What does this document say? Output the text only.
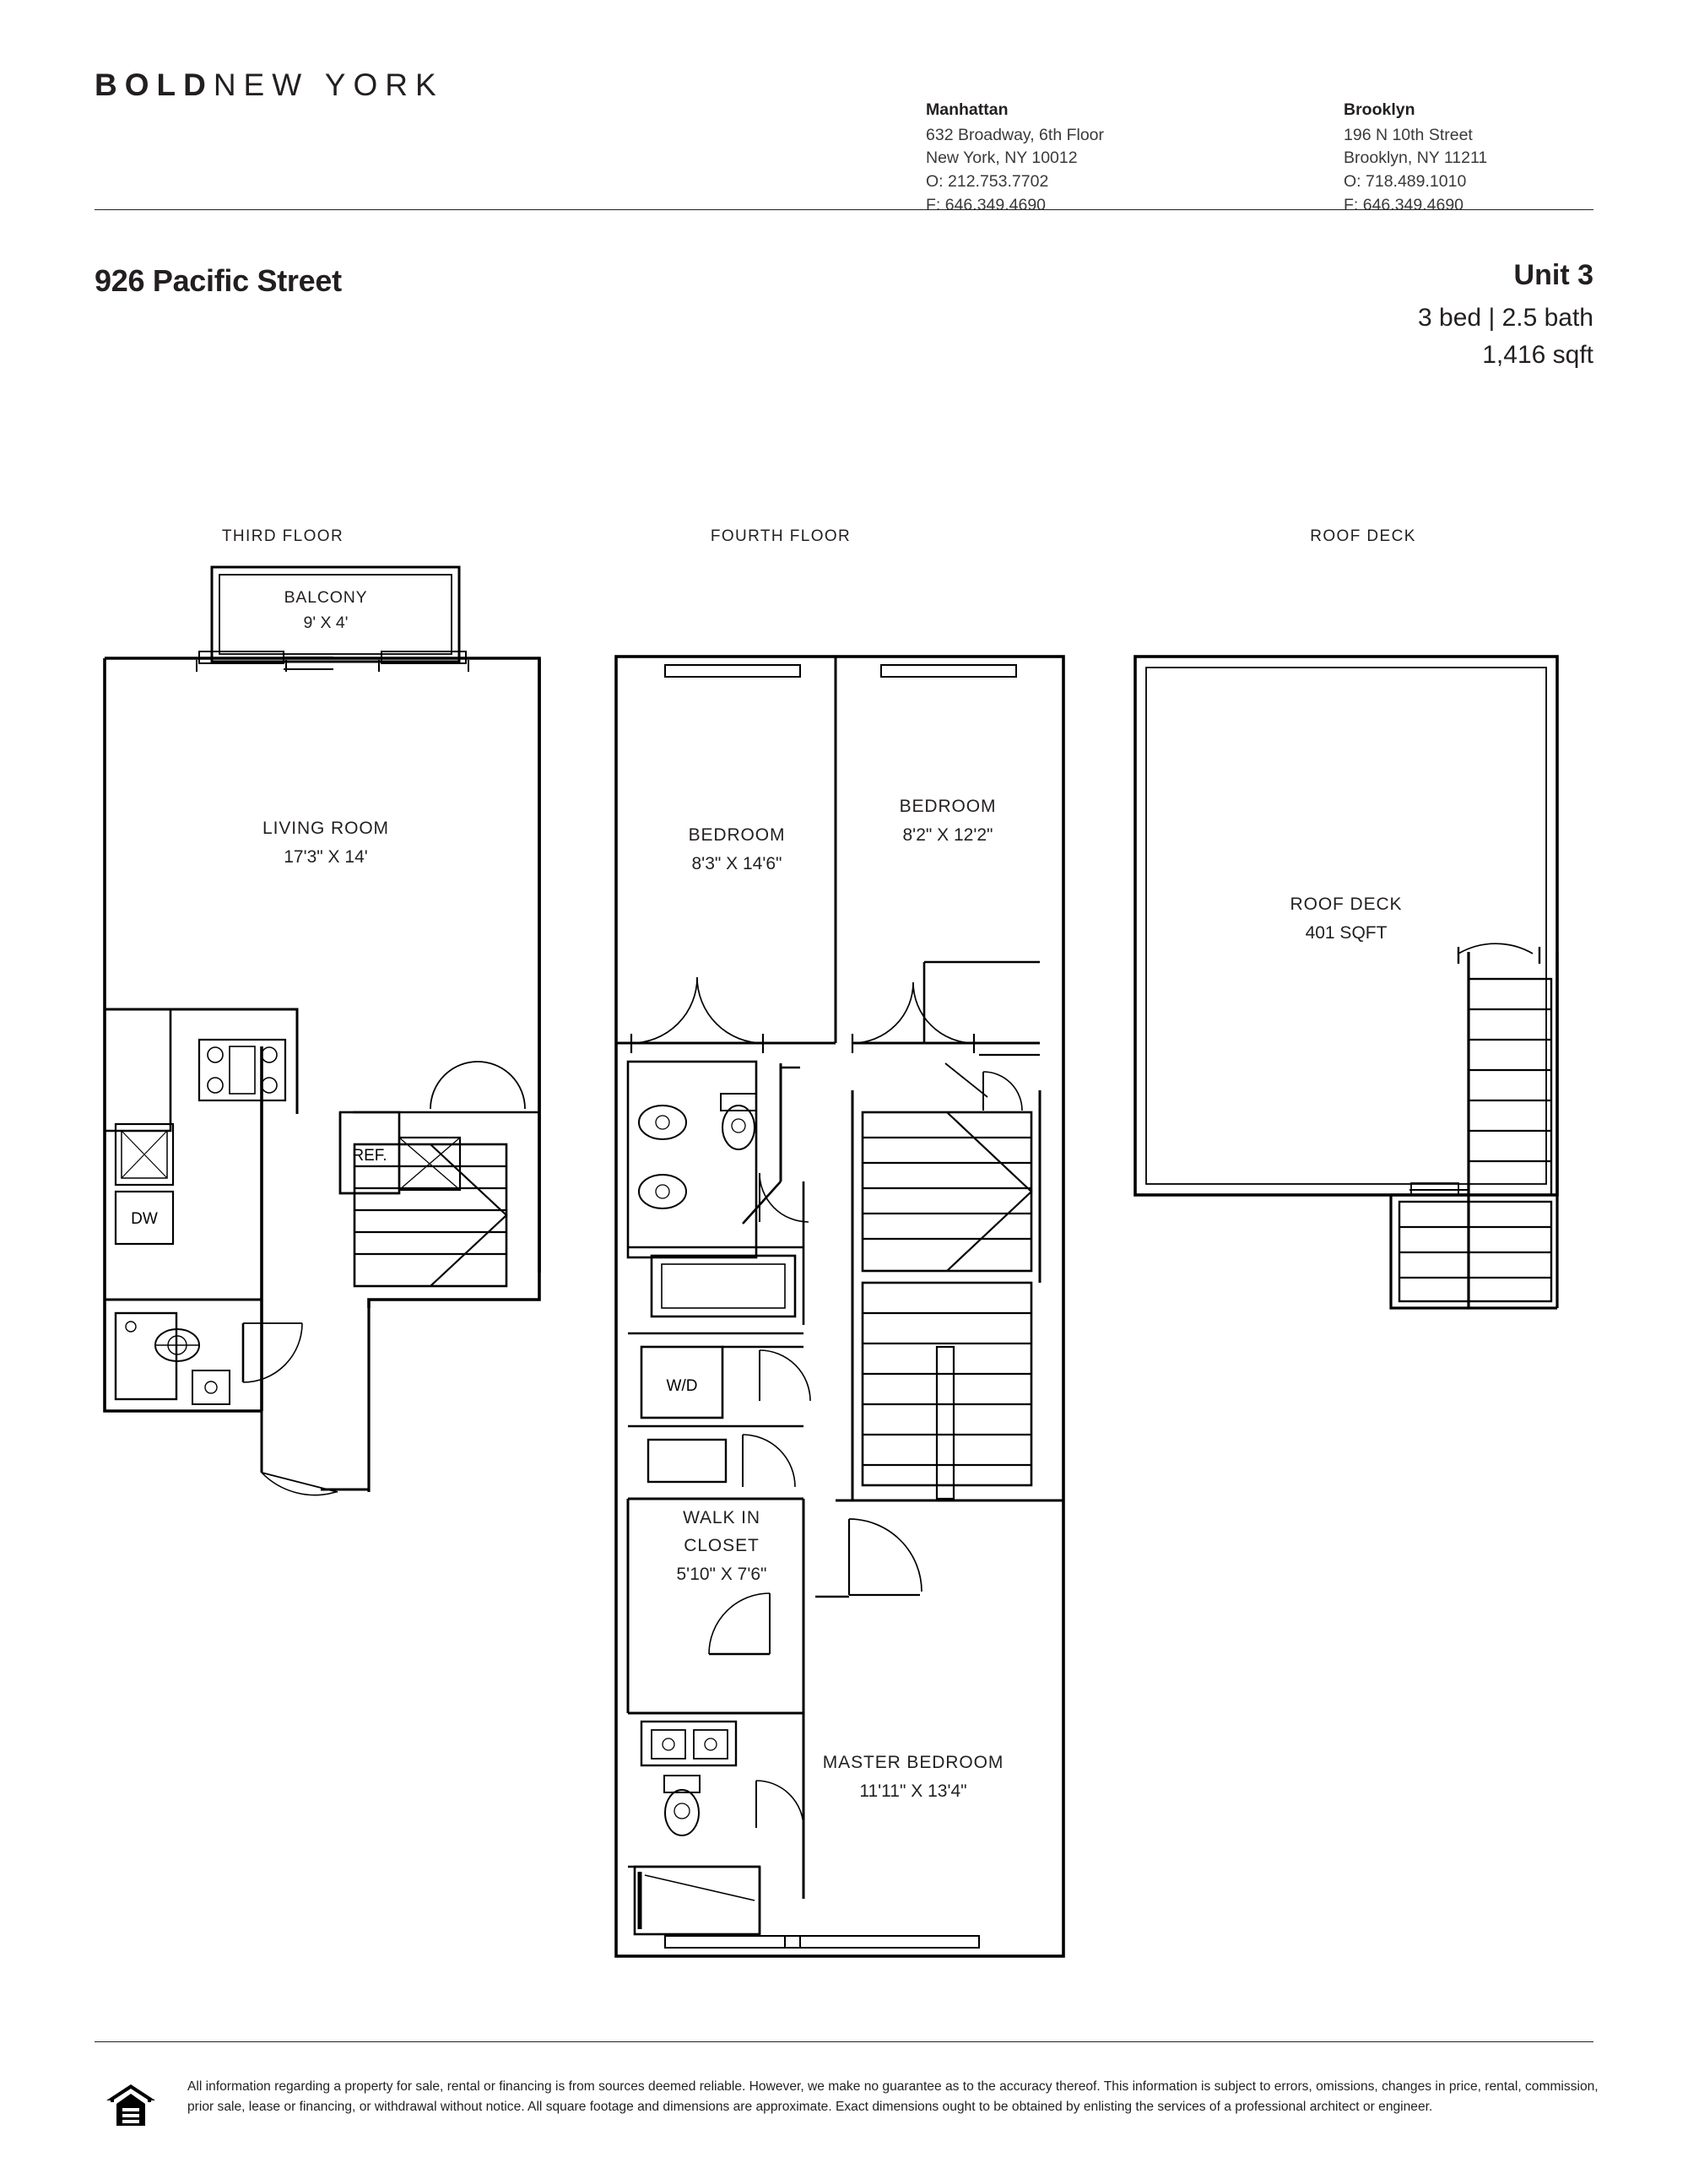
BOLDNEW YORK
Manhattan
632 Broadway, 6th Floor
New York, NY 10012
O: 212.753.7702
F: 646.349.4690
Brooklyn
196 N 10th Street
Brooklyn, NY 11211
O: 718.489.1010
F: 646.349.4690
926 Pacific Street	Unit 3
3 bed | 2.5 bath
1,416 sqft
THIRD FLOOR	FOURTH FLOOR	ROOF DECK
DW
REF.
W/D
BALCONY
9' X 4'
LIVING ROOM
17'3" X 14'
BEDROOM
8'3" X 14'6"
BEDROOM
8'2" X 12'2"
WALK IN
CLOSET
5'10" X 7'6"
MASTER BEDROOM
11'11" X 13'4"
ROOF DECK
401 SQFT
All information regarding a property for sale, rental or financing is from sources deemed reliable. However, we make no guarantee as to the accuracy thereof. This information is subject to errors, omissions, changes in price, rental, commission, prior sale, lease or financing, or withdrawal without notice. All square footage and dimensions are approximate. Exact dimensions ought to be obtained by enlisting the services of a professional architect or engineer.
